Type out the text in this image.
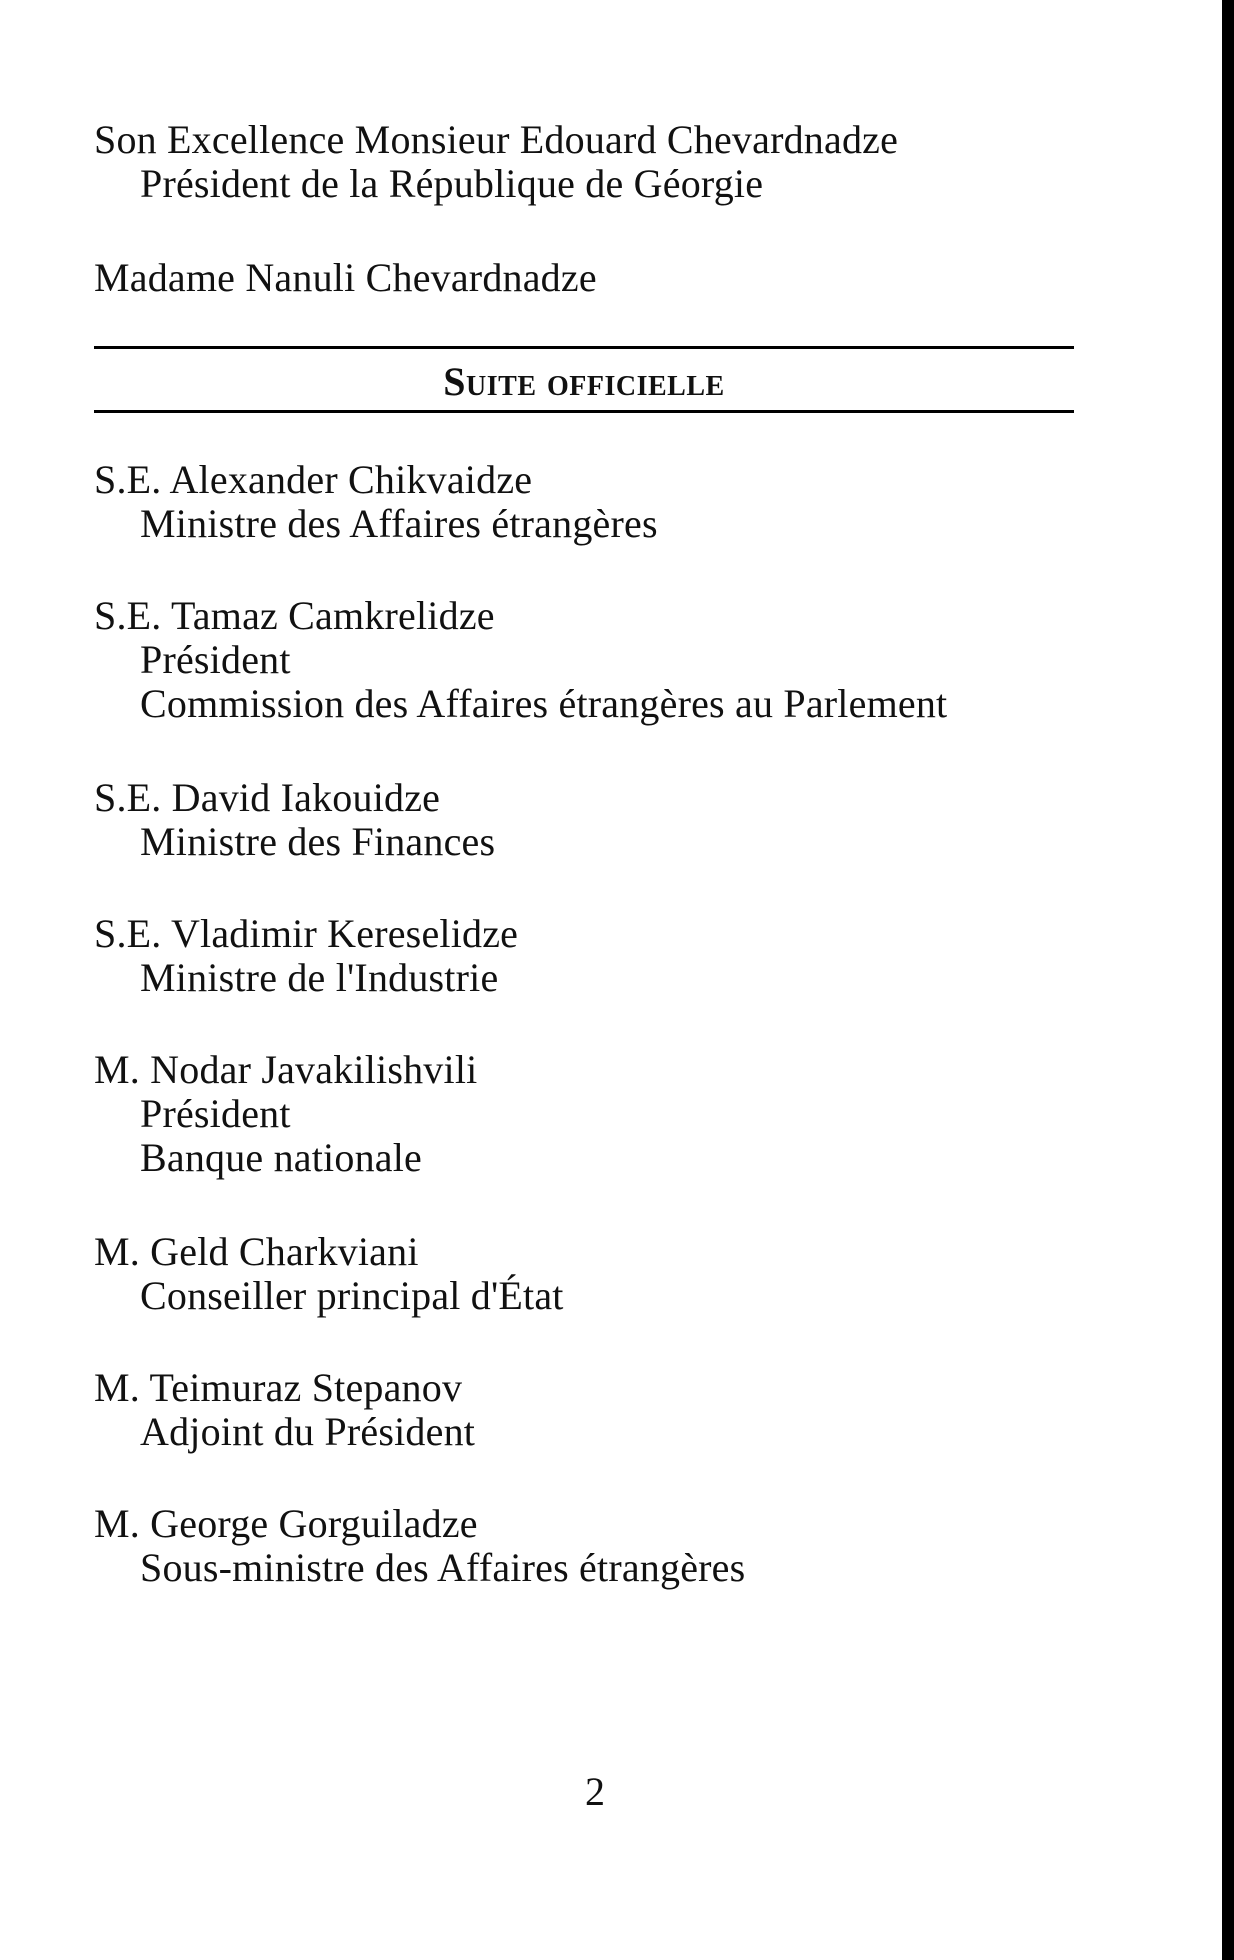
Son Excellence Monsieur Edouard Chevardnadze
Président de la République de Géorgie
Madame Nanuli Chevardnadze
Suite officielle
S.E. Alexander Chikvaidze
Ministre des Affaires étrangères
S.E. Tamaz Camkrelidze
Président
Commission des Affaires étrangères au Parlement
S.E. David Iakouidze
Ministre des Finances
S.E. Vladimir Kereselidze
Ministre de l'Industrie
M. Nodar Javakilishvili
Président
Banque nationale
M. Geld Charkviani
Conseiller principal d'État
M. Teimuraz Stepanov
Adjoint du Président
M. George Gorguiladze
Sous-ministre des Affaires étrangères
2
